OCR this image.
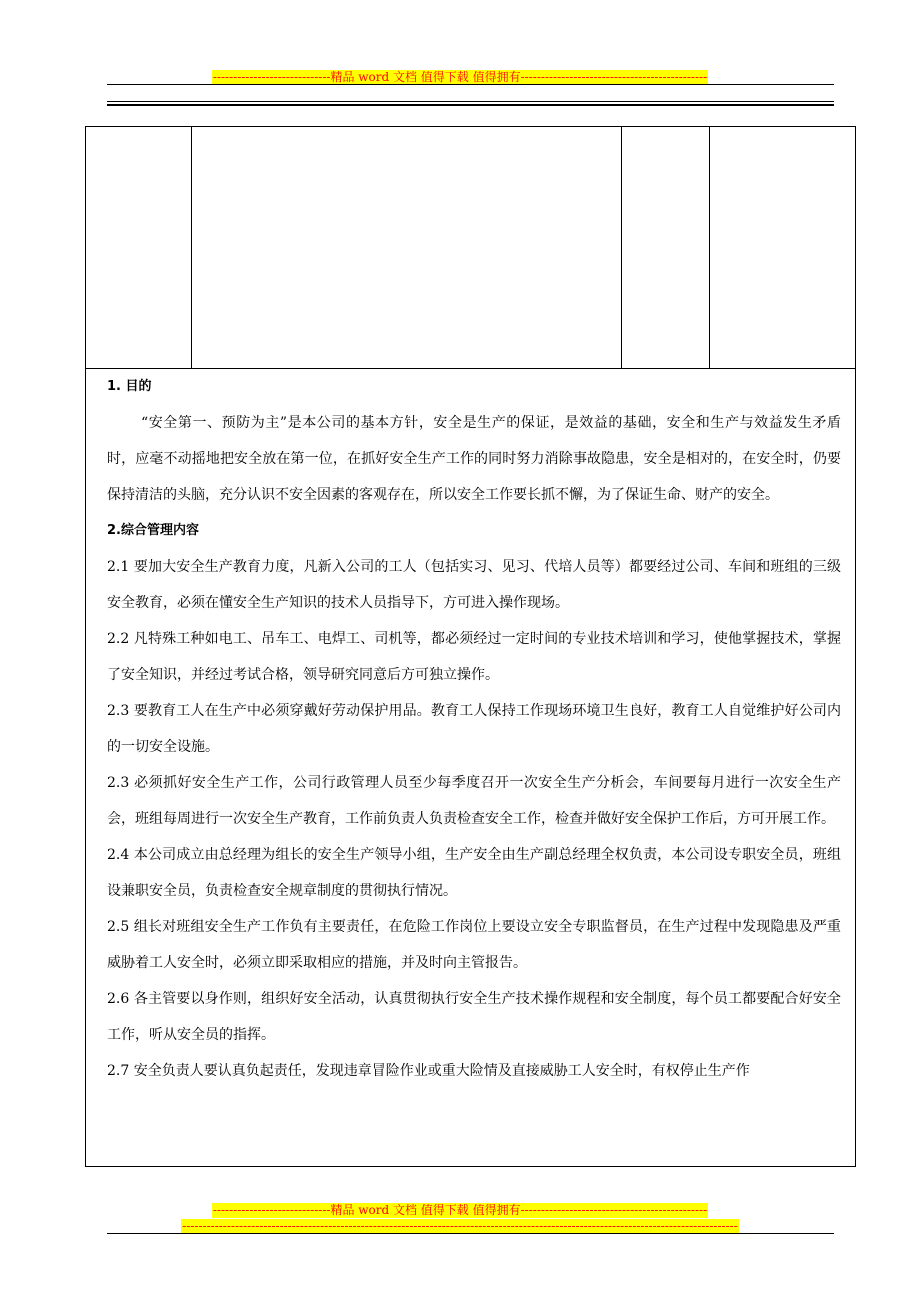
-----------------------------精品 word 文档 值得下载 值得拥有----------------------------------------------

1. 目的

“安全第一、预防为主”是本公司的基本方针，安全是生产的保证，是效益的基础，安全和生产与效益发生矛盾时，应毫不动摇地把安全放在第一位，在抓好安全生产工作的同时努力消除事故隐患，安全是相对的，在安全时，仍要保持清洁的头脑，充分认识不安全因素的客观存在，所以安全工作要长抓不懈，为了保证生命、财产的安全。

2.综合管理内容

2.1 要加大安全生产教育力度，凡新入公司的工人（包括实习、见习、代培人员等）都要经过公司、车间和班组的三级安全教育，必须在懂安全生产知识的技术人员指导下，方可进入操作现场。

2.2 凡特殊工种如电工、吊车工、电焊工、司机等，都必须经过一定时间的专业技术培训和学习，使他掌握技术，掌握了安全知识，并经过考试合格，领导研究同意后方可独立操作。

2.3 要教育工人在生产中必须穿戴好劳动保护用品。教育工人保持工作现场环境卫生良好，教育工人自觉维护好公司内的一切安全设施。

2.3 必须抓好安全生产工作，公司行政管理人员至少每季度召开一次安全生产分析会，车间要每月进行一次安全生产会，班组每周进行一次安全生产教育，工作前负责人负责检查安全工作，检查并做好安全保护工作后，方可开展工作。

2.4 本公司成立由总经理为组长的安全生产领导小组，生产安全由生产副总经理全权负责，本公司设专职安全员，班组设兼职安全员，负责检查安全规章制度的贯彻执行情况。

2.5 组长对班组安全生产工作负有主要责任，在危险工作岗位上要设立安全专职监督员，在生产过程中发现隐患及严重威胁着工人安全时，必须立即采取相应的措施，并及时向主管报告。

2.6 各主管要以身作则，组织好安全活动，认真贯彻执行安全生产技术操作规程和安全制度，每个员工都要配合好安全工作，听从安全员的指挥。

2.7 安全负责人要认真负起责任，发现违章冒险作业或重大险情及直接威胁工人安全时，有权停止生产作

-----------------------------精品 word 文档 值得下载 值得拥有----------------------------------------------
-----------------------------------------------------------------------------------------------------------------------------------------
